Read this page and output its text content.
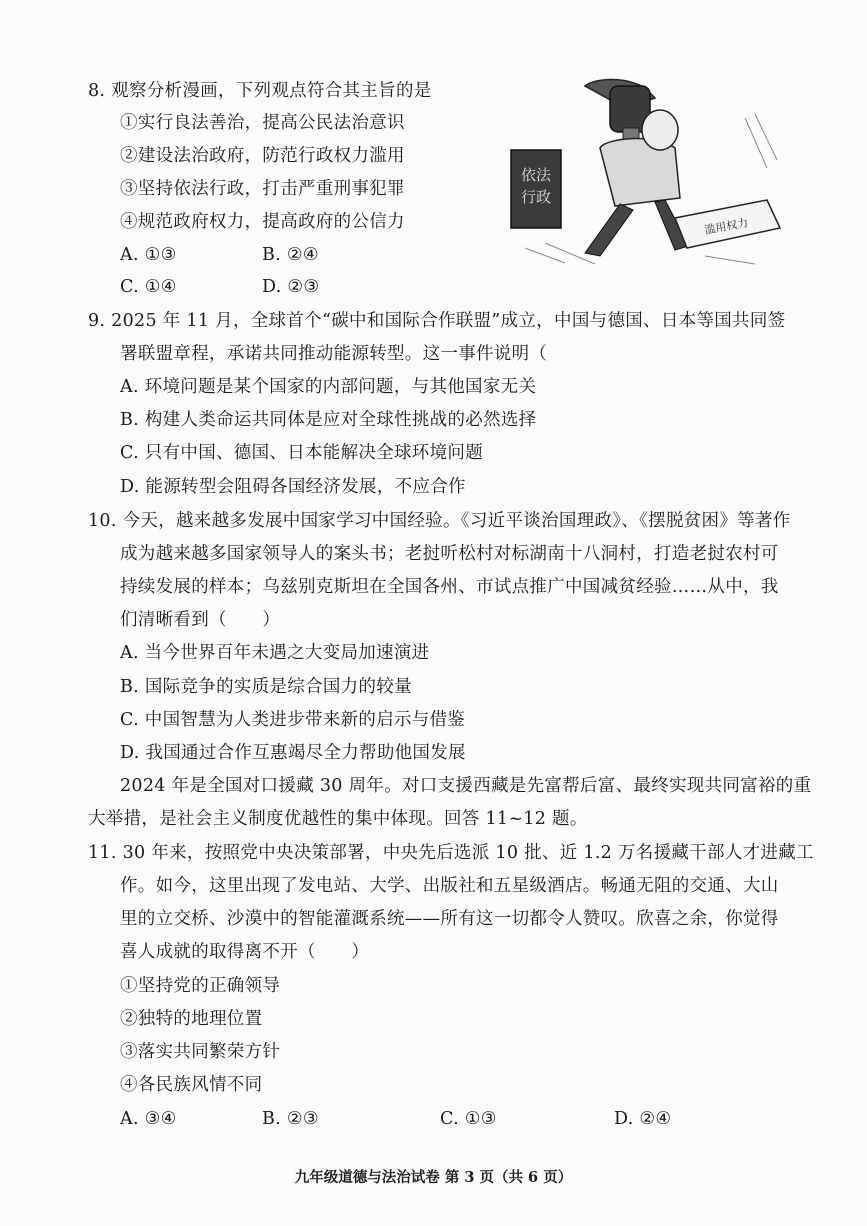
8. 观察分析漫画，下列观点符合其主旨的是
①实行良法善治，提高公民法治意识
②建设法治政府，防范行政权力滥用
③坚持依法行政，打击严重刑事犯罪
④规范政府权力，提高政府的公信力
A. ①③	B. ②④
C. ①④	D. ②③
依法
行政
滥用权力
9. 2025 年 11 月，全球首个“碳中和国际合作联盟”成立，中国与德国、日本等国共同签
署联盟章程，承诺共同推动能源转型。这一事件说明（
A. 环境问题是某个国家的内部问题，与其他国家无关
B. 构建人类命运共同体是应对全球性挑战的必然选择
C. 只有中国、德国、日本能解决全球环境问题
D. 能源转型会阻碍各国经济发展，不应合作
10. 今天，越来越多发展中国家学习中国经验。《习近平谈治国理政》、《摆脱贫困》等著作
成为越来越多国家领导人的案头书；老挝听松村对标湖南十八洞村，打造老挝农村可
持续发展的样本；乌兹别克斯坦在全国各州、市试点推广中国减贫经验……从中，我
们清晰看到（　　）
A. 当今世界百年未遇之大变局加速演进
B. 国际竞争的实质是综合国力的较量
C. 中国智慧为人类进步带来新的启示与借鉴
D. 我国通过合作互惠竭尽全力帮助他国发展
2024 年是全国对口援藏 30 周年。对口支援西藏是先富帮后富、最终实现共同富裕的重
大举措，是社会主义制度优越性的集中体现。回答 11~12 题。
11. 30 年来，按照党中央决策部署，中央先后选派 10 批、近 1.2 万名援藏干部人才进藏工
作。如今，这里出现了发电站、大学、出版社和五星级酒店。畅通无阻的交通、大山
里的立交桥、沙漠中的智能灌溉系统——所有这一切都令人赞叹。欣喜之余，你觉得
喜人成就的取得离不开（　　）
①坚持党的正确领导
②独特的地理位置
③落实共同繁荣方针
④各民族风情不同
A. ③④	B. ②③	C. ①③	D. ②④
九年级道德与法治试卷 第 3 页（共 6 页）
